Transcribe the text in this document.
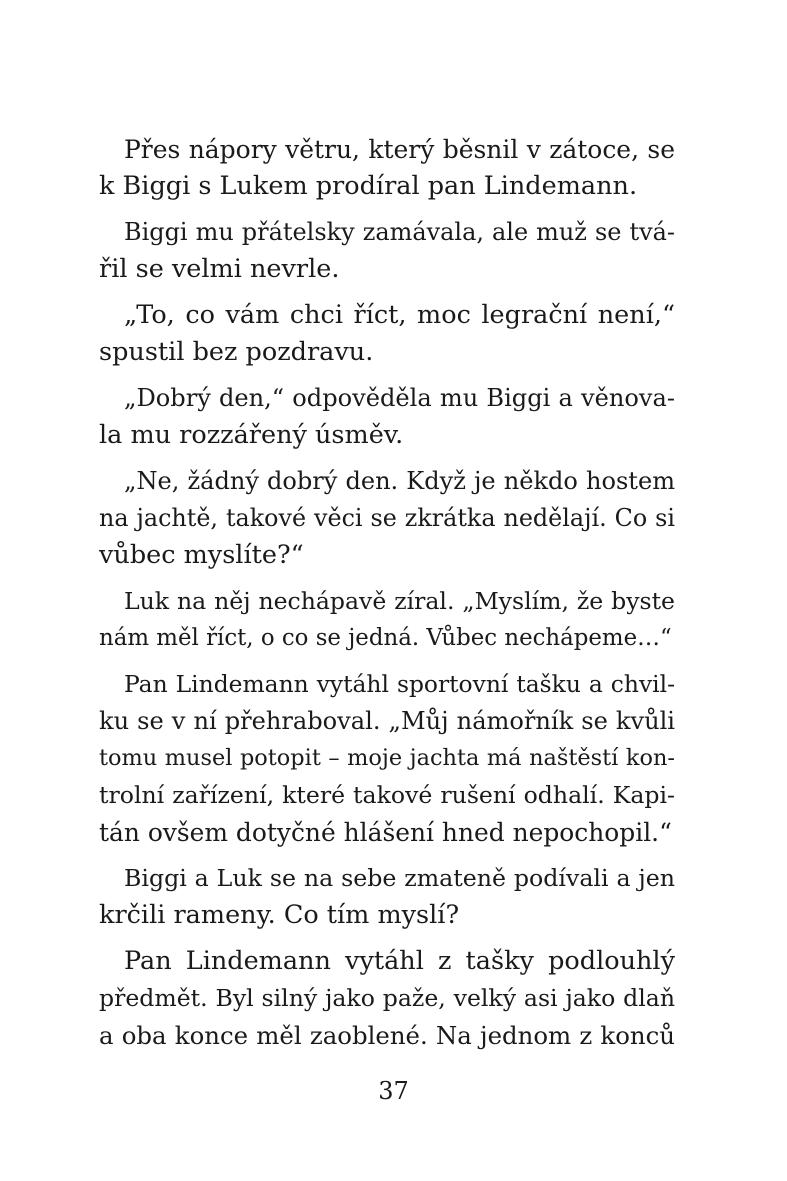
Přes nápory větru, který běsnil v zátoce, se
k Biggi s Lukem prodíral pan Lindemann.
Biggi mu přátelsky zamávala, ale muž se tvá-
řil se velmi nevrle.
„To, co vám chci říct, moc legrační není,“
spustil bez pozdravu.
„Dobrý den,“ odpověděla mu Biggi a věnova-
la mu rozzářený úsměv.
„Ne, žádný dobrý den. Když je někdo hostem
na jachtě, takové věci se zkrátka nedělají. Co si
vůbec myslíte?“
Luk na něj nechápavě zíral. „Myslím, že byste
nám měl říct, o co se jedná. Vůbec nechápeme…“
Pan Lindemann vytáhl sportovní tašku a chvil-
ku se v ní přehraboval. „Můj námořník se kvůli
tomu musel potopit – moje jachta má naštěstí kon-
trolní zařízení, které takové rušení odhalí. Kapi-
tán ovšem dotyčné hlášení hned nepochopil.“
Biggi a Luk se na sebe zmateně podívali a jen
krčili rameny. Co tím myslí?
Pan Lindemann vytáhl z tašky podlouhlý
předmět. Byl silný jako paže, velký asi jako dlaň
a oba konce měl zaoblené. Na jednom z konců
37
